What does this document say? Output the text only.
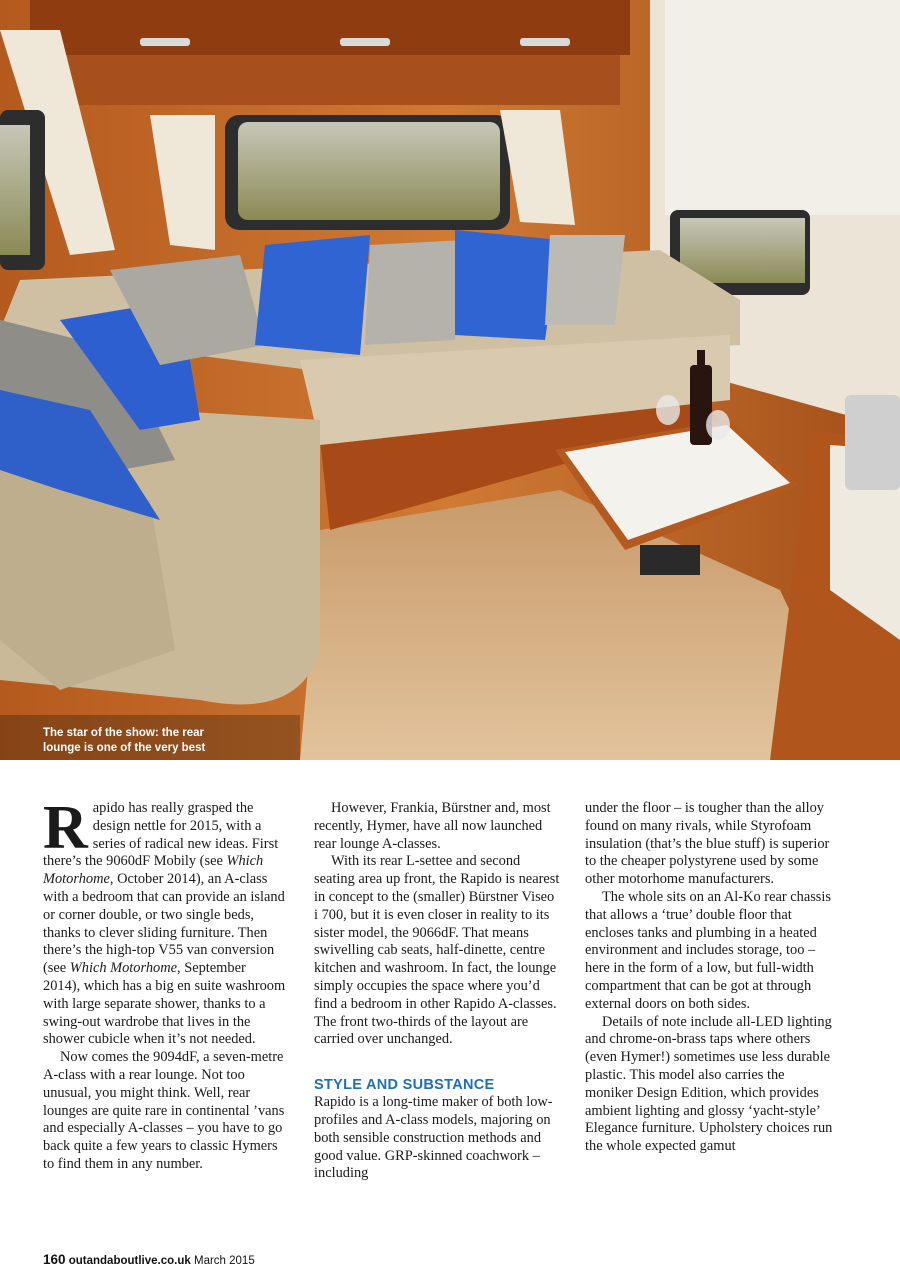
The star of the show: the rear
lounge is one of the very best

Rapido has really grasped the design nettle for 2015, with a series of radical new ideas. First there’s the 9060dF Mobily (see Which Motorhome, October 2014), an A-class with a bedroom that can provide an island or corner double, or two single beds, thanks to clever sliding furniture. Then there’s the high-top V55 van conversion (see Which Motorhome, September 2014), which has a big en suite washroom with large separate shower, thanks to a swing-out wardrobe that lives in the shower cubicle when it’s not needed.

Now comes the 9094dF, a seven-metre A-class with a rear lounge. Not too unusual, you might think. Well, rear lounges are quite rare in continental ’vans and especially A-classes – you have to go back quite a few years to classic Hymers to find them in any number.

However, Frankia, Bürstner and, most recently, Hymer, have all now launched rear lounge A-classes.

With its rear L-settee and second seating area up front, the Rapido is nearest in concept to the (smaller) Bürstner Viseo i 700, but it is even closer in reality to its sister model, the 9066dF. That means swivelling cab seats, half-dinette, centre kitchen and washroom. In fact, the lounge simply occupies the space where you’d find a bedroom in other Rapido A-classes. The front two-thirds of the layout are carried over unchanged.

STYLE AND SUBSTANCE

Rapido is a long-time maker of both low-profiles and A-class models, majoring on both sensible construction methods and good value. GRP-skinned coachwork – including

under the floor – is tougher than the alloy found on many rivals, while Styrofoam insulation (that’s the blue stuff) is superior to the cheaper polystyrene used by some other motorhome manufacturers.

The whole sits on an Al-Ko rear chassis that allows a ‘true’ double floor that encloses tanks and plumbing in a heated environment and includes storage, too – here in the form of a low, but full-width compartment that can be got at through external doors on both sides.

Details of note include all-LED lighting and chrome-on-brass taps where others (even Hymer!) sometimes use less durable plastic. This model also carries the moniker Design Edition, which provides ambient lighting and glossy ‘yacht-style’ Elegance furniture. Upholstery choices run the whole expected gamut

160 outandaboutlive.co.uk March 2015
